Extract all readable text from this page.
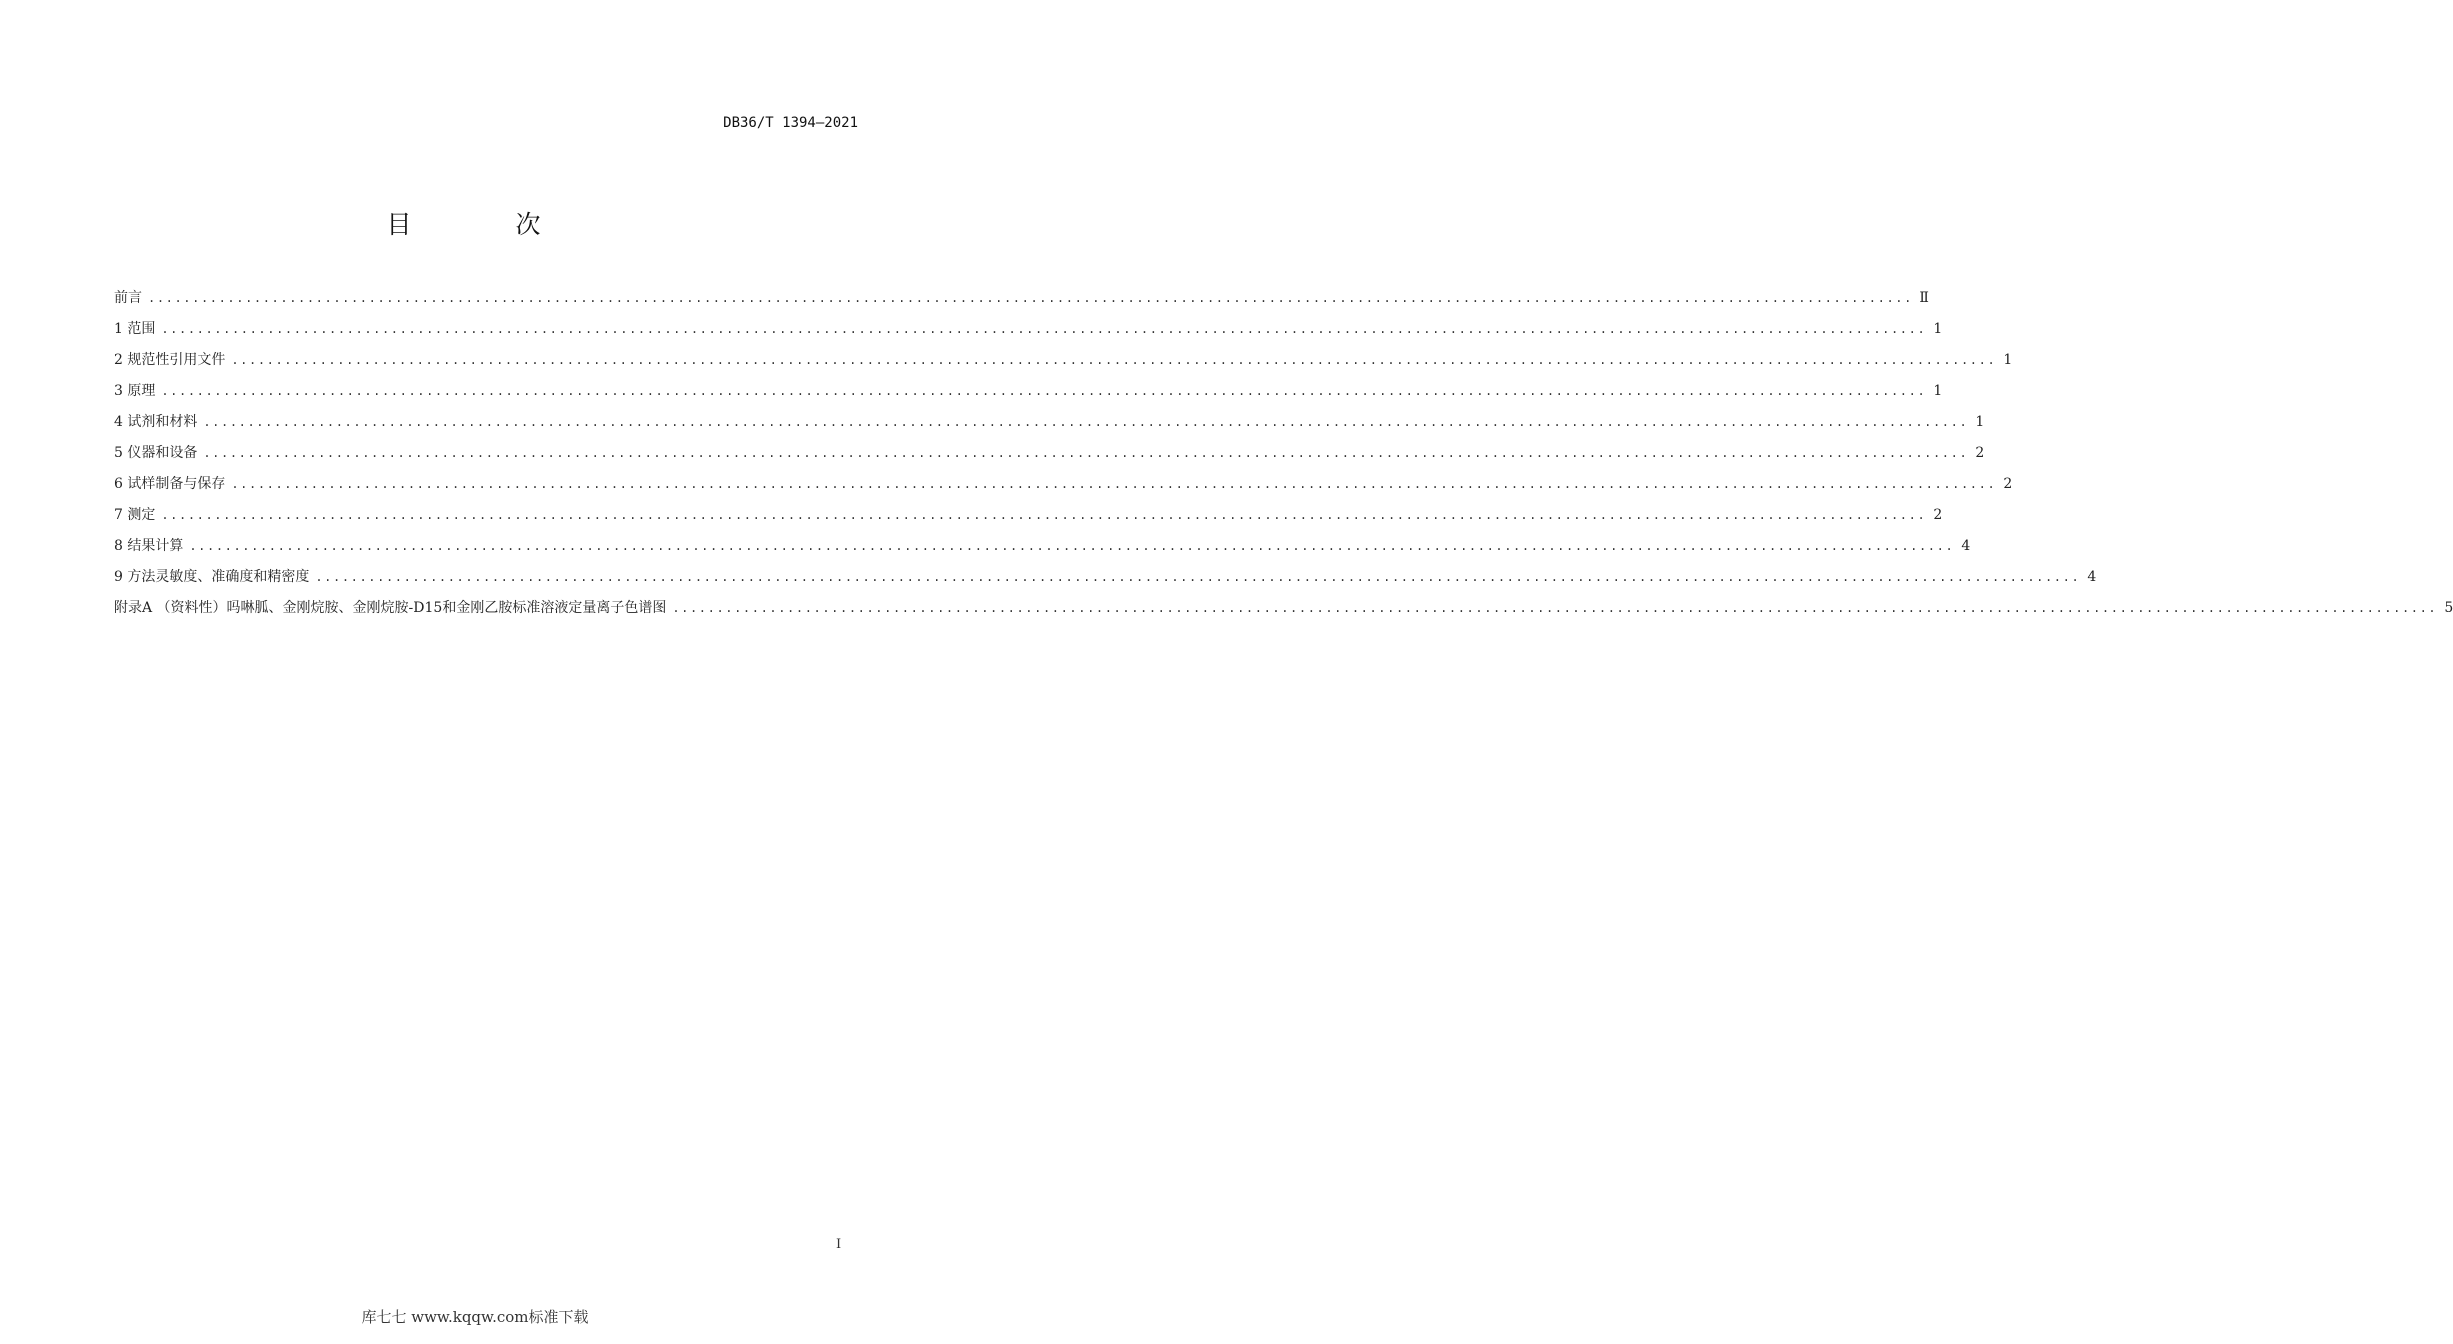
DB36/T 1394—2021
目 次
前言 ........................................................................................................................................................................................................ Ⅱ
1 范围 ........................................................................................................................................................................................................ 1
2 规范性引用文件 ........................................................................................................................................................................................................ 1
3 原理 ........................................................................................................................................................................................................ 1
4 试剂和材料 ........................................................................................................................................................................................................ 1
5 仪器和设备 ........................................................................................................................................................................................................ 2
6 试样制备与保存 ........................................................................................................................................................................................................ 2
7 测定 ........................................................................................................................................................................................................ 2
8 结果计算 ........................................................................................................................................................................................................ 4
9 方法灵敏度、准确度和精密度 ........................................................................................................................................................................................................ 4
附录A （资料性）吗啉胍、金刚烷胺、金刚烷胺-D15和金刚乙胺标准溶液定量离子色谱图 ........................................................................................................................................................................................................ 5
I
库七七 www.kqqw.com标准下载
